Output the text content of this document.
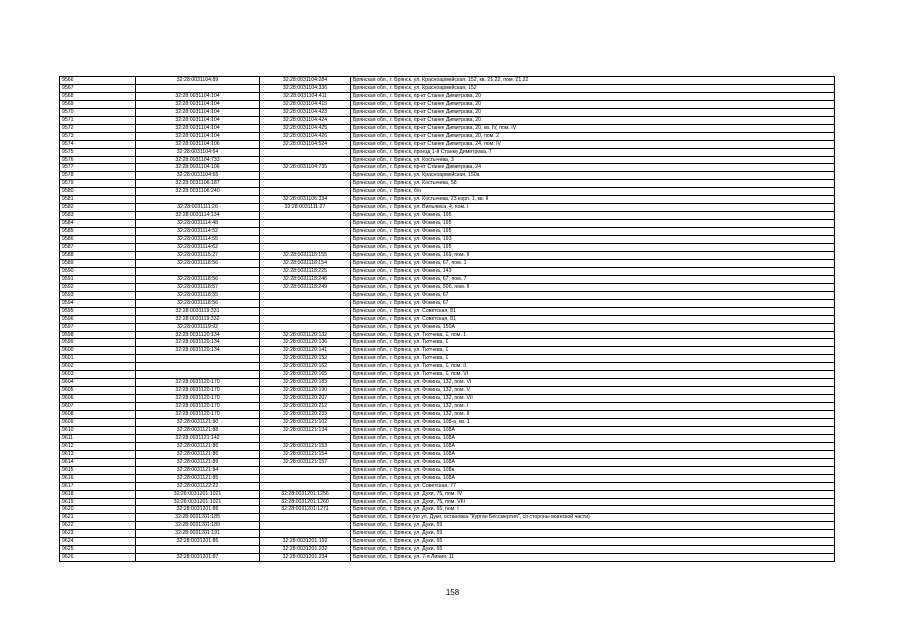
9566	32:28:0031104:89	32:28:0031104:284	Брянская обл., г. Брянск, ул. Красноармейская, 152, кв. 21,22, пом. 21,22
9567		32:28:0031104:336	Брянская обл., г. Брянск, ул. Красноармейская, 152
9568	32:28:0031104:104	32:28:0031104:411	Брянская обл., г. Брянск, пр-кт Станке Димитрова, 20
9569	32:28:0031104:104	32:28:0031104:415	Брянская обл., г. Брянск, пр-кт Станке Димитрова, 20
9570	32:28:0031104:104	32:28:0031104:423	Брянская обл., г. Брянск, пр-кт Станке Димитрова, 20
9571	32:28:0031104:104	32:28:0031104:424	Брянская обл., г. Брянск, пр-кт Станке Димитрова, 20
9572	32:28:0031104:104	32:28:0031104:425	Брянская обл., г. Брянск, пр-кт Станке Димитрова, 20, кв. IV, пом. IV
9573	32:28:0031104:104	32:28:0031104:426	Брянская обл., г. Брянск, пр-кт Станке Димитрова, 20, пом. 2
9574	32:28:0031104:106	32:28:0031104:524	Брянская обл., г. Брянск, пр-кт Станке Димитрова, 24, пом. IV
9575	32:28:0031104:64		Брянская обл., г. Брянск, проезд 1-й Станке Димитрова, 7
9576	32:28:0031104:733		Брянская обл., г. Брянск, ул. Костычева, 3
9577	32:28:0031104:106	32:28:0031104:735	Брянская обл., г. Брянск, пр-кт Станке Димитрова, 24
9578	32:28:0031104:65		Брянская обл., г. Брянск, ул. Красноармейская, 150а
9579	32:28:0031106:187		Брянская обл., г. Брянск, ул. Костычева, 58
9580	32:28:0031106:240		Брянская обл., г. Брянск, б/н
9581		32:28:0031106:334	Брянская обл., г. Брянск, ул. Костычева, 23 корп. 1, кв. II
9582	32:28:0031111:26	32:28:0031111:27	Брянская обл., г. Брянск, ул. Вильямса, 4, пом. I
9583	32:28:0031114:134		Брянская обл., г. Брянск, ул. Фокина, 195
9584	32:28:0031114:48		Брянская обл., г. Брянск, ул. Фокина, 195
9585	32:28:0031114:52		Брянская обл., г. Брянск, ул. Фокина, 195
9586	32:28:0031114:55		Брянская обл., г. Брянск, ул. Фокина, 193
9587	32:28:0031114:62		Брянская обл., г. Брянск, ул. Фокина, 195
9588	32:28:0031115:27	32:28:0031115:155	Брянская обл., г. Брянск, ул. Фокина, 169, пом. II
9589	32:28:0031118:56	32:28:0031118:154	Брянская обл., г. Брянск, ул. Фокина, 67, пом. 1
9590		32:28:0031118:225	Брянская обл., г. Брянск, ул. Фокина, 143
9591	32:28:0031118:56	32:28:0031118:246	Брянская обл., г. Брянск, ул. Фокина, 67, пом. 7
9592	32:28:0031118:57	32:28:0031118:249	Брянская обл., г. Брянск, ул. Фокина, 50б, пом. II
9593	32:28:0031118:55		Брянская обл., г. Брянск, ул. Фокина, 67
9594	32:28:0031118:56		Брянская обл., г. Брянск, ул. Фокина, 67
9595	32:28:0031119:331		Брянская обл., г. Брянск, ул. Советская, 81
9596	32:28:0031119:332		Брянская обл., г. Брянск, ул. Советская, 81
9597	32:28:0031119:92		Брянская обл., г. Брянск, ул. Фокина, 150А
9598	32:28:0031120:134	32:28:0031120:132	Брянская обл., г. Брянск, ул. Тютчева, 1, пом. 1
9599	32:28:0031120:134	32:28:0031120:136	Брянская обл., г. Брянск, ул. Тютчева, 1
9600	32:28:0031120:134	32:28:0031120:141	Брянская обл., г. Брянск, ул. Тютчева, 1
9601		32:28:0031120:152	Брянская обл., г. Брянск, ул. Тютчева, 1
9602		32:28:0031120:162	Брянская обл., г. Брянск, ул. Тютчева, 1, пом. II
9603		32:28:0031120:165	Брянская обл., г. Брянск, ул. Тютчева, 1, пом. VI
9604	32:28:0031120:170	32:28:0031120:183	Брянская обл., г. Брянск, ул. Фокина, 132, пом. VI
9605	32:28:0031120:170	32:28:0031120:190	Брянская обл., г. Брянск, ул. Фокина, 132, пом. V
9606	32:28:0031120:170	32:28:0031120:207	Брянская обл., г. Брянск, ул. Фокина, 132, пом. VII
9607	32:28:0031120:170	32:28:0031120:212	Брянская обл., г. Брянск, ул. Фокина, 132, пом. I
9608	32:28:0031120:170	32:28:0031120:233	Брянская обл., г. Брянск, ул. Фокина, 132, пом. II
9609	32:28:0031121:90	32:28:0031121:102	Брянская обл., г. Брянск, ул. Фокина, 108-а, кв. 1
9610	32:28:0031121:88	32:28:0031121:134	Брянская обл., г. Брянск, ул. Фокина, 108А
9611	32:28:0031121:142		Брянская обл., г. Брянск, ул. Фокина, 108А
9612	32:28:0031121:86	32:28:0031121:153	Брянская обл., г. Брянск, ул. Фокина, 108А
9613	32:28:0031121:86	32:28:0031121:154	Брянская обл., г. Брянск, ул. Фокина, 108А
9614	32:28:0031121:89	32:28:0031121:157	Брянская обл., г. Брянск, ул. Фокина, 108А
9615	32:28:0031121:84		Брянская обл., г. Брянск, ул. Фокина, 108а
9616	32:28:0031121:85		Брянская обл., г. Брянск, ул. Фокина, 108А
9617	32:28:0031122:22		Брянская обл., г. Брянск, ул. Советская, 77
9618	32:28:0031201:1021	32:28:0031201:1256	Брянская обл., г. Брянск, ул. Дуки, 75, пом. IV
9619	32:28:0031201:1021	32:28:0031201:1260	Брянская обл., г. Брянск, ул. Дуки, 75, пом. VIII
9620	32:28:0031201:86	32:28:0031201:1271	Брянская обл., г. Брянск, ул. Дуки, 65, пом. I
9621	32:28:0031201:185		Брянская обл., г. Брянск (по ул. Дуки, остановка "Курган Бессмертия", со стороны воинской части)
9622	32:28:0031201:189		Брянская обл., г. Брянск, ул. Дуки, 59
9623	32:28:0031201:191		Брянская обл., г. Брянск, ул. Дуки, 59
9624	32:28:0031201:85	32:28:0031201:192	Брянская обл., г. Брянск, ул. Дуки, 65
9625		32:28:0031201:232	Брянская обл., г. Брянск, ул. Дуки, 65
9626	32:28:0031201:87	32:28:0031201:234	Брянская обл., г. Брянск, ул. 7-я Линия, 11
158
